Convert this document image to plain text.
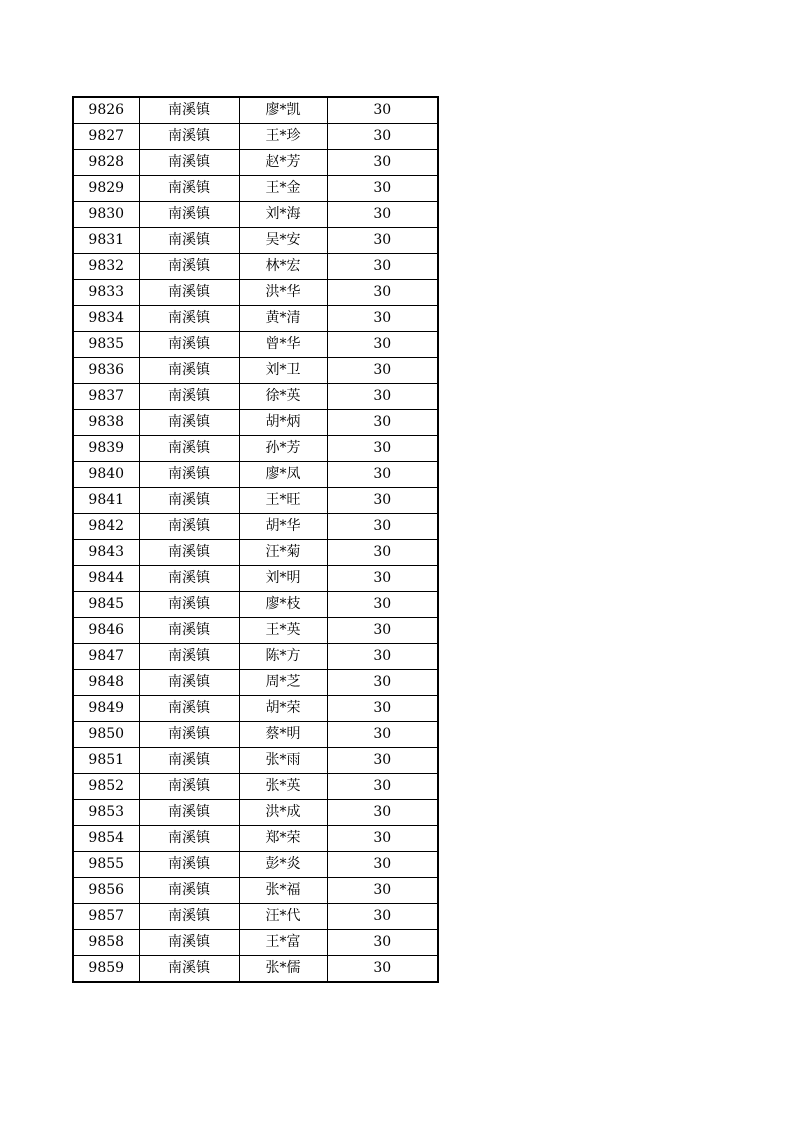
9826	南溪镇	廖*凯	30
9827	南溪镇	王*珍	30
9828	南溪镇	赵*芳	30
9829	南溪镇	王*金	30
9830	南溪镇	刘*海	30
9831	南溪镇	吴*安	30
9832	南溪镇	林*宏	30
9833	南溪镇	洪*华	30
9834	南溪镇	黄*清	30
9835	南溪镇	曾*华	30
9836	南溪镇	刘*卫	30
9837	南溪镇	徐*英	30
9838	南溪镇	胡*炳	30
9839	南溪镇	孙*芳	30
9840	南溪镇	廖*凤	30
9841	南溪镇	王*旺	30
9842	南溪镇	胡*华	30
9843	南溪镇	汪*菊	30
9844	南溪镇	刘*明	30
9845	南溪镇	廖*枝	30
9846	南溪镇	王*英	30
9847	南溪镇	陈*方	30
9848	南溪镇	周*芝	30
9849	南溪镇	胡*荣	30
9850	南溪镇	蔡*明	30
9851	南溪镇	张*雨	30
9852	南溪镇	张*英	30
9853	南溪镇	洪*成	30
9854	南溪镇	郑*荣	30
9855	南溪镇	彭*炎	30
9856	南溪镇	张*福	30
9857	南溪镇	汪*代	30
9858	南溪镇	王*富	30
9859	南溪镇	张*儒	30
